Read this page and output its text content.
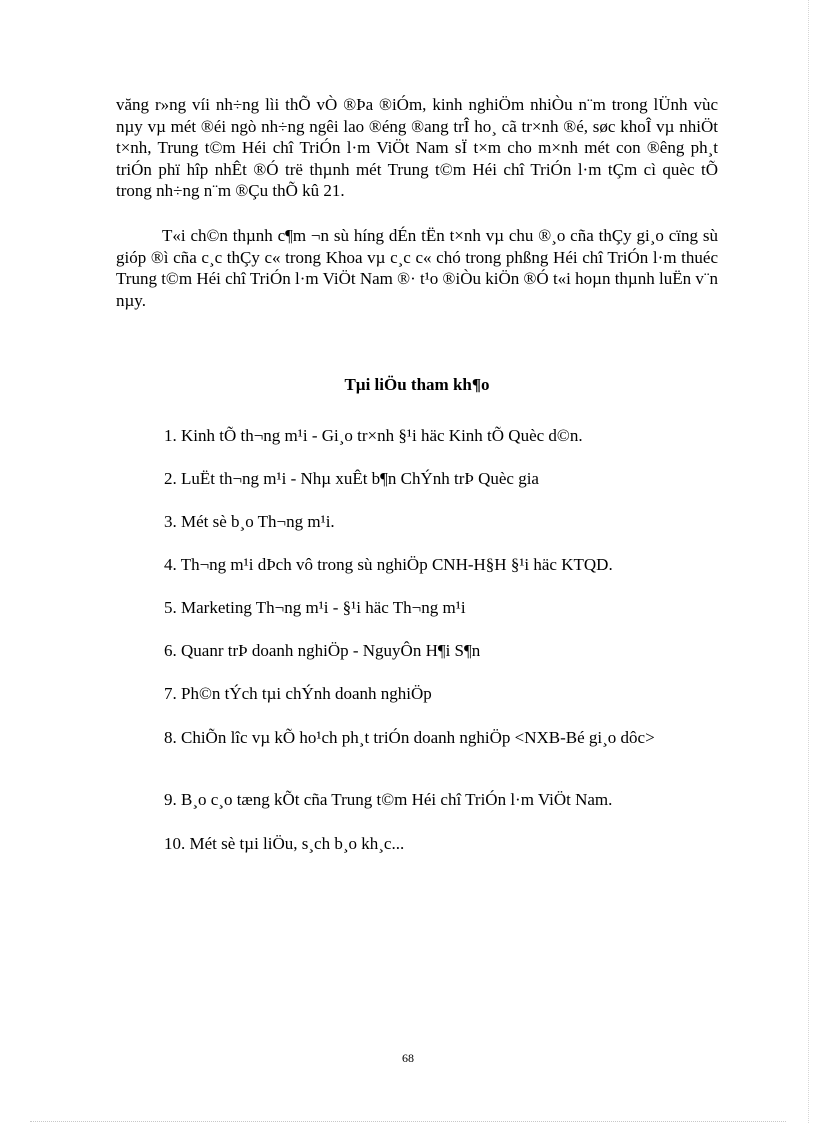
văng r»ng víi nh÷ng lìi thÕ vÒ ®Þa ®iÓm, kinh nghiÖm nhiÒu n¨m trong lÜnh vùc nµy vµ mét ®éi ngò nh÷ng ngêi lao ®éng ®ang trÎ ho¸ cã tr×nh ®é, søc khoÎ vµ nhiÖt t×nh, Trung t©m Héi chî TriÓn l·m ViÖt Nam sÏ t×m cho m×nh mét con ®êng ph¸t triÓn phï hîp nhÊt ®Ó trë thµnh mét Trung t©m Héi chî TriÓn l·m tÇm cì quèc tÕ trong nh÷ng n¨m ®Çu thÕ kû 21.

T«i ch©n thµnh c¶m ¬n sù híng dÉn tËn t×nh vµ chu ®¸o cña thÇy gi¸o cïng sù gióp ®ì cña c¸c thÇy c« trong Khoa vµ c¸c c« chó trong phßng Héi chî TriÓn l·m thuéc Trung t©m Héi chî TriÓn l·m ViÖt Nam ®· t¹o ®iÒu kiÖn ®Ó t«i hoµn thµnh luËn v¨n nµy.

Tµi liÖu tham kh¶o

1. Kinh tÕ th¬ng m¹i - Gi¸o tr×nh §¹i häc Kinh tÕ Quèc d©n.

2. LuËt th¬ng m¹i - Nhµ xuÊt b¶n ChÝnh trÞ Quèc gia

3. Mét sè b¸o Th¬ng m¹i.

4. Th¬ng m¹i dÞch vô trong sù nghiÖp CNH-H§H §¹i häc KTQD.

5. Marketing Th¬ng m¹i - §¹i häc Th¬ng m¹i

6. Quanr trÞ doanh nghiÖp - NguyÔn H¶i S¶n

7. Ph©n tÝch tµi chÝnh doanh nghiÖp

8. ChiÕn lîc vµ kÕ ho¹ch ph¸t triÓn doanh nghiÖp <NXB-Bé gi¸o dôc>

9. B¸o c¸o tæng kÕt cña Trung t©m Héi chî TriÓn l·m ViÖt Nam.

10. Mét sè tµi liÖu, s¸ch b¸o kh¸c...

68
